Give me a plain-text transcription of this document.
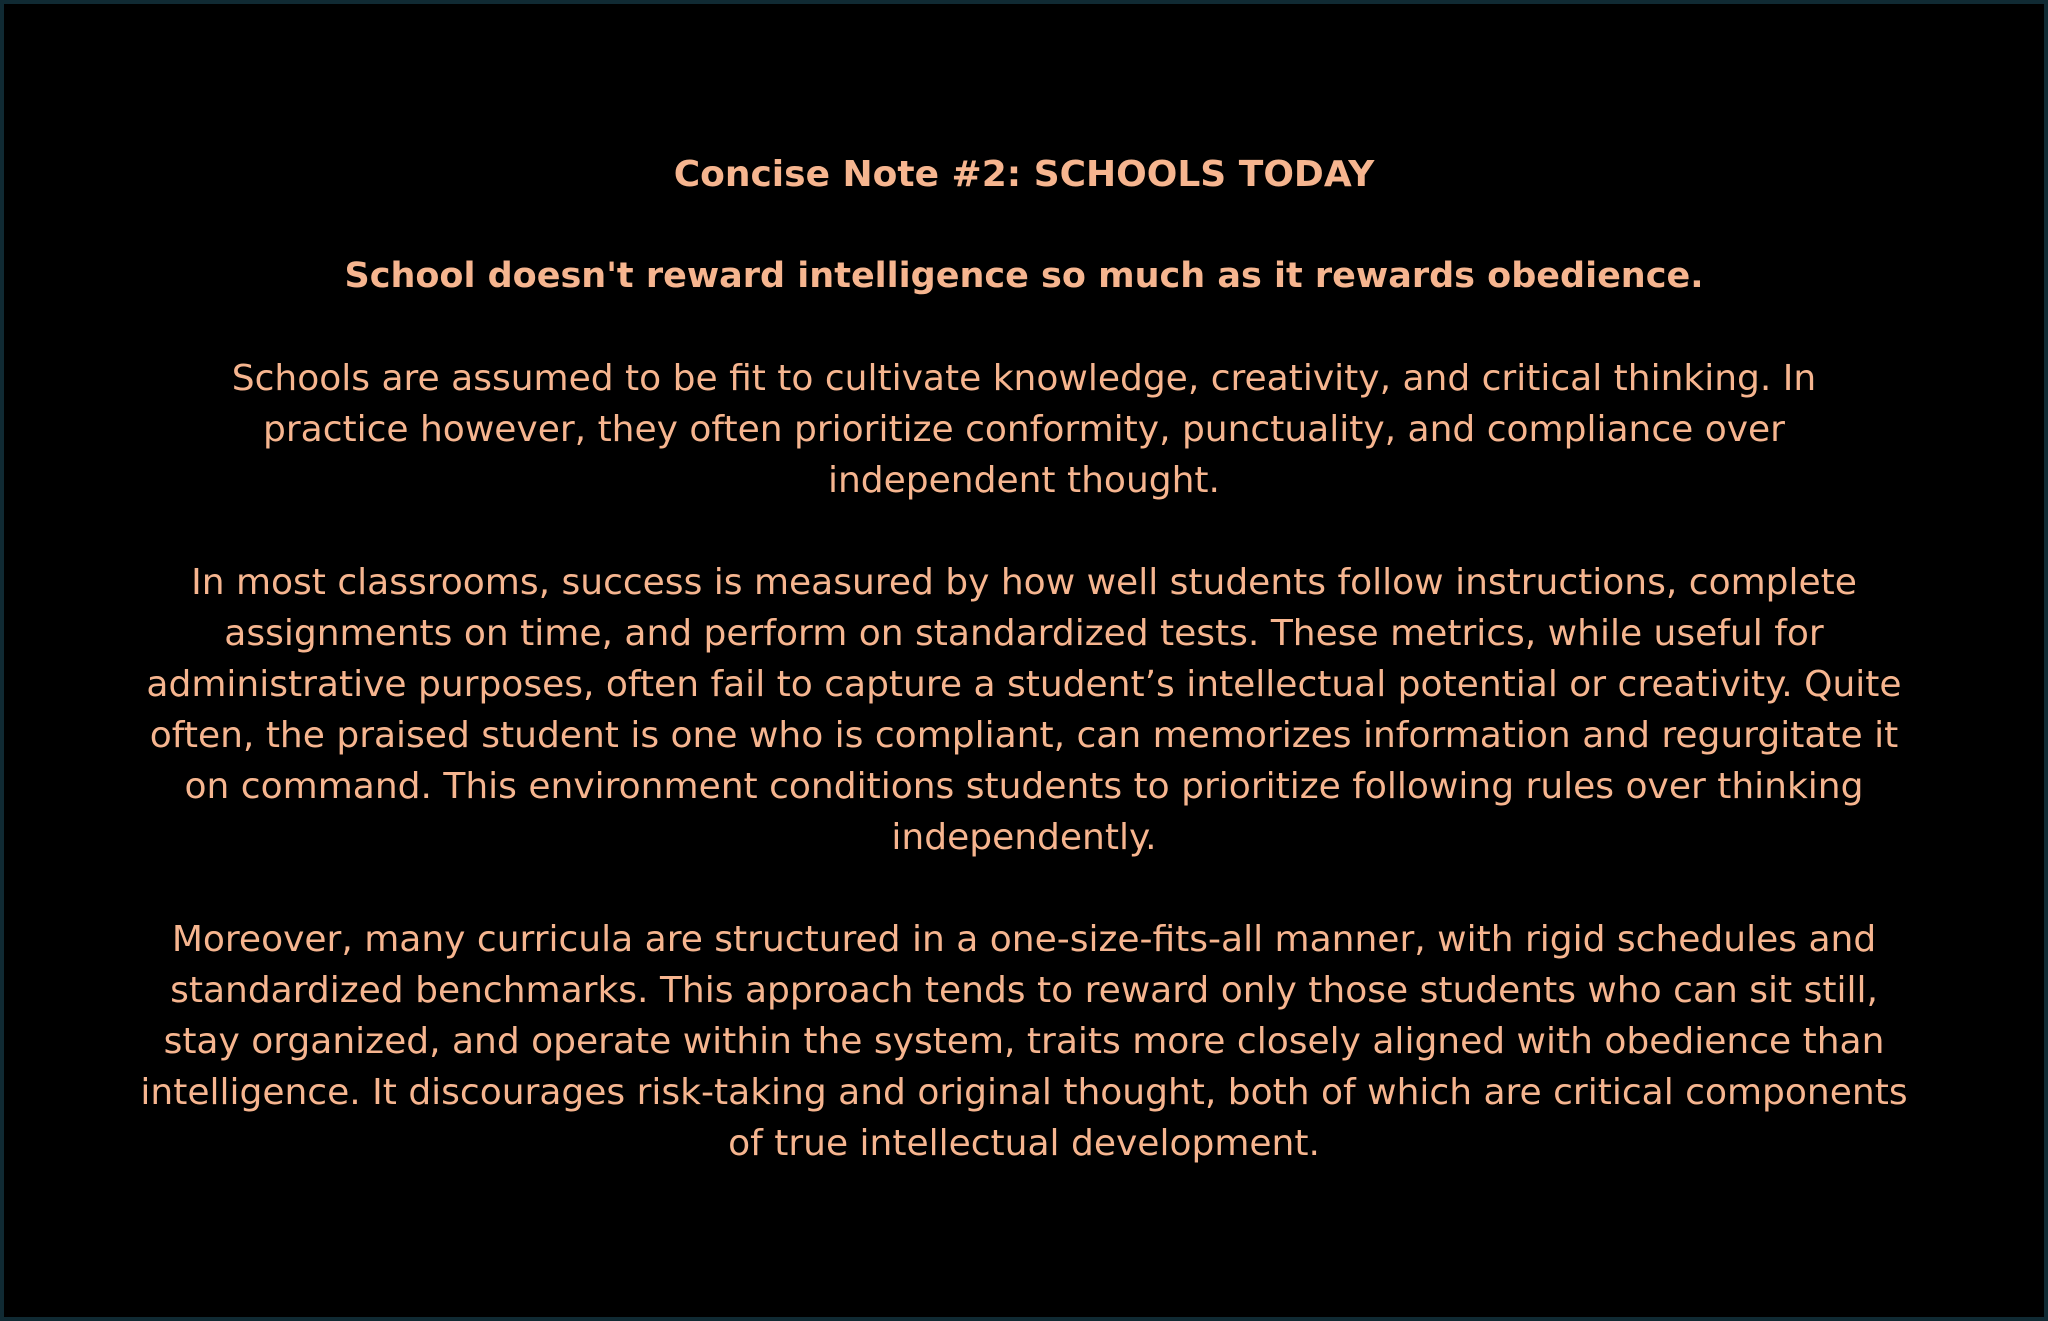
Concise Note #2: SCHOOLS TODAY

School doesn't reward intelligence so much as it rewards obedience.

Schools are assumed to be fit to cultivate knowledge, creativity, and critical thinking. In practice however, they often prioritize conformity, punctuality, and compliance over independent thought.

In most classrooms, success is measured by how well students follow instructions, complete assignments on time, and perform on standardized tests. These metrics, while useful for administrative purposes, often fail to capture a student’s intellectual potential or creativity. Quite often, the praised student is one who is compliant, can memorizes information and regurgitate it on command. This environment conditions students to prioritize following rules over thinking independently.

Moreover, many curricula are structured in a one-size-fits-all manner, with rigid schedules and standardized benchmarks. This approach tends to reward only those students who can sit still, stay organized, and operate within the system, traits more closely aligned with obedience than intelligence. It discourages risk-taking and original thought, both of which are critical components of true intellectual development.
